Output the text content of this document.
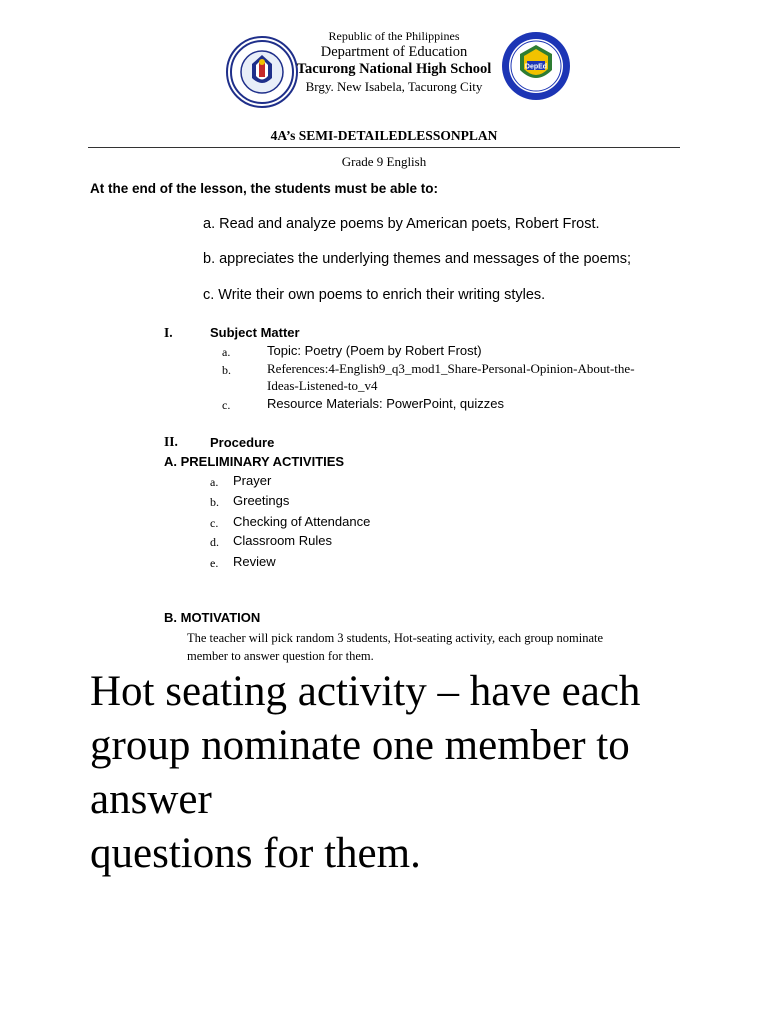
DepEd
Republic of the Philippines
Department of Education
Tacurong National High School
Brgy. New Isabela, Tacurong City
4A’s SEMI-DETAILEDLESSONPLAN
Grade 9 English
At the end of the lesson, the students must be able to:
a. Read and analyze poems by American poets, Robert Frost.
b. appreciates the underlying themes and messages of the poems;
c. Write their own poems to enrich their writing styles.
I.	Subject Matter
a.	Topic: Poetry (Poem by Robert Frost)
b.	References:4-English9_q3_mod1_Share-Personal-Opinion-About-the-
Ideas-Listened-to_v4
c.	Resource Materials: PowerPoint, quizzes
II. Procedure
A. PRELIMINARY ACTIVITIES
a. Prayer
b. Greetings
c. Checking of Attendance
d. Classroom Rules
e. Review
B. MOTIVATION
The teacher will pick random 3 students, Hot-seating activity, each group nominate
member to answer question for them.
Hot seating activity – have each
group nominate one member to
answer
questions for them.
